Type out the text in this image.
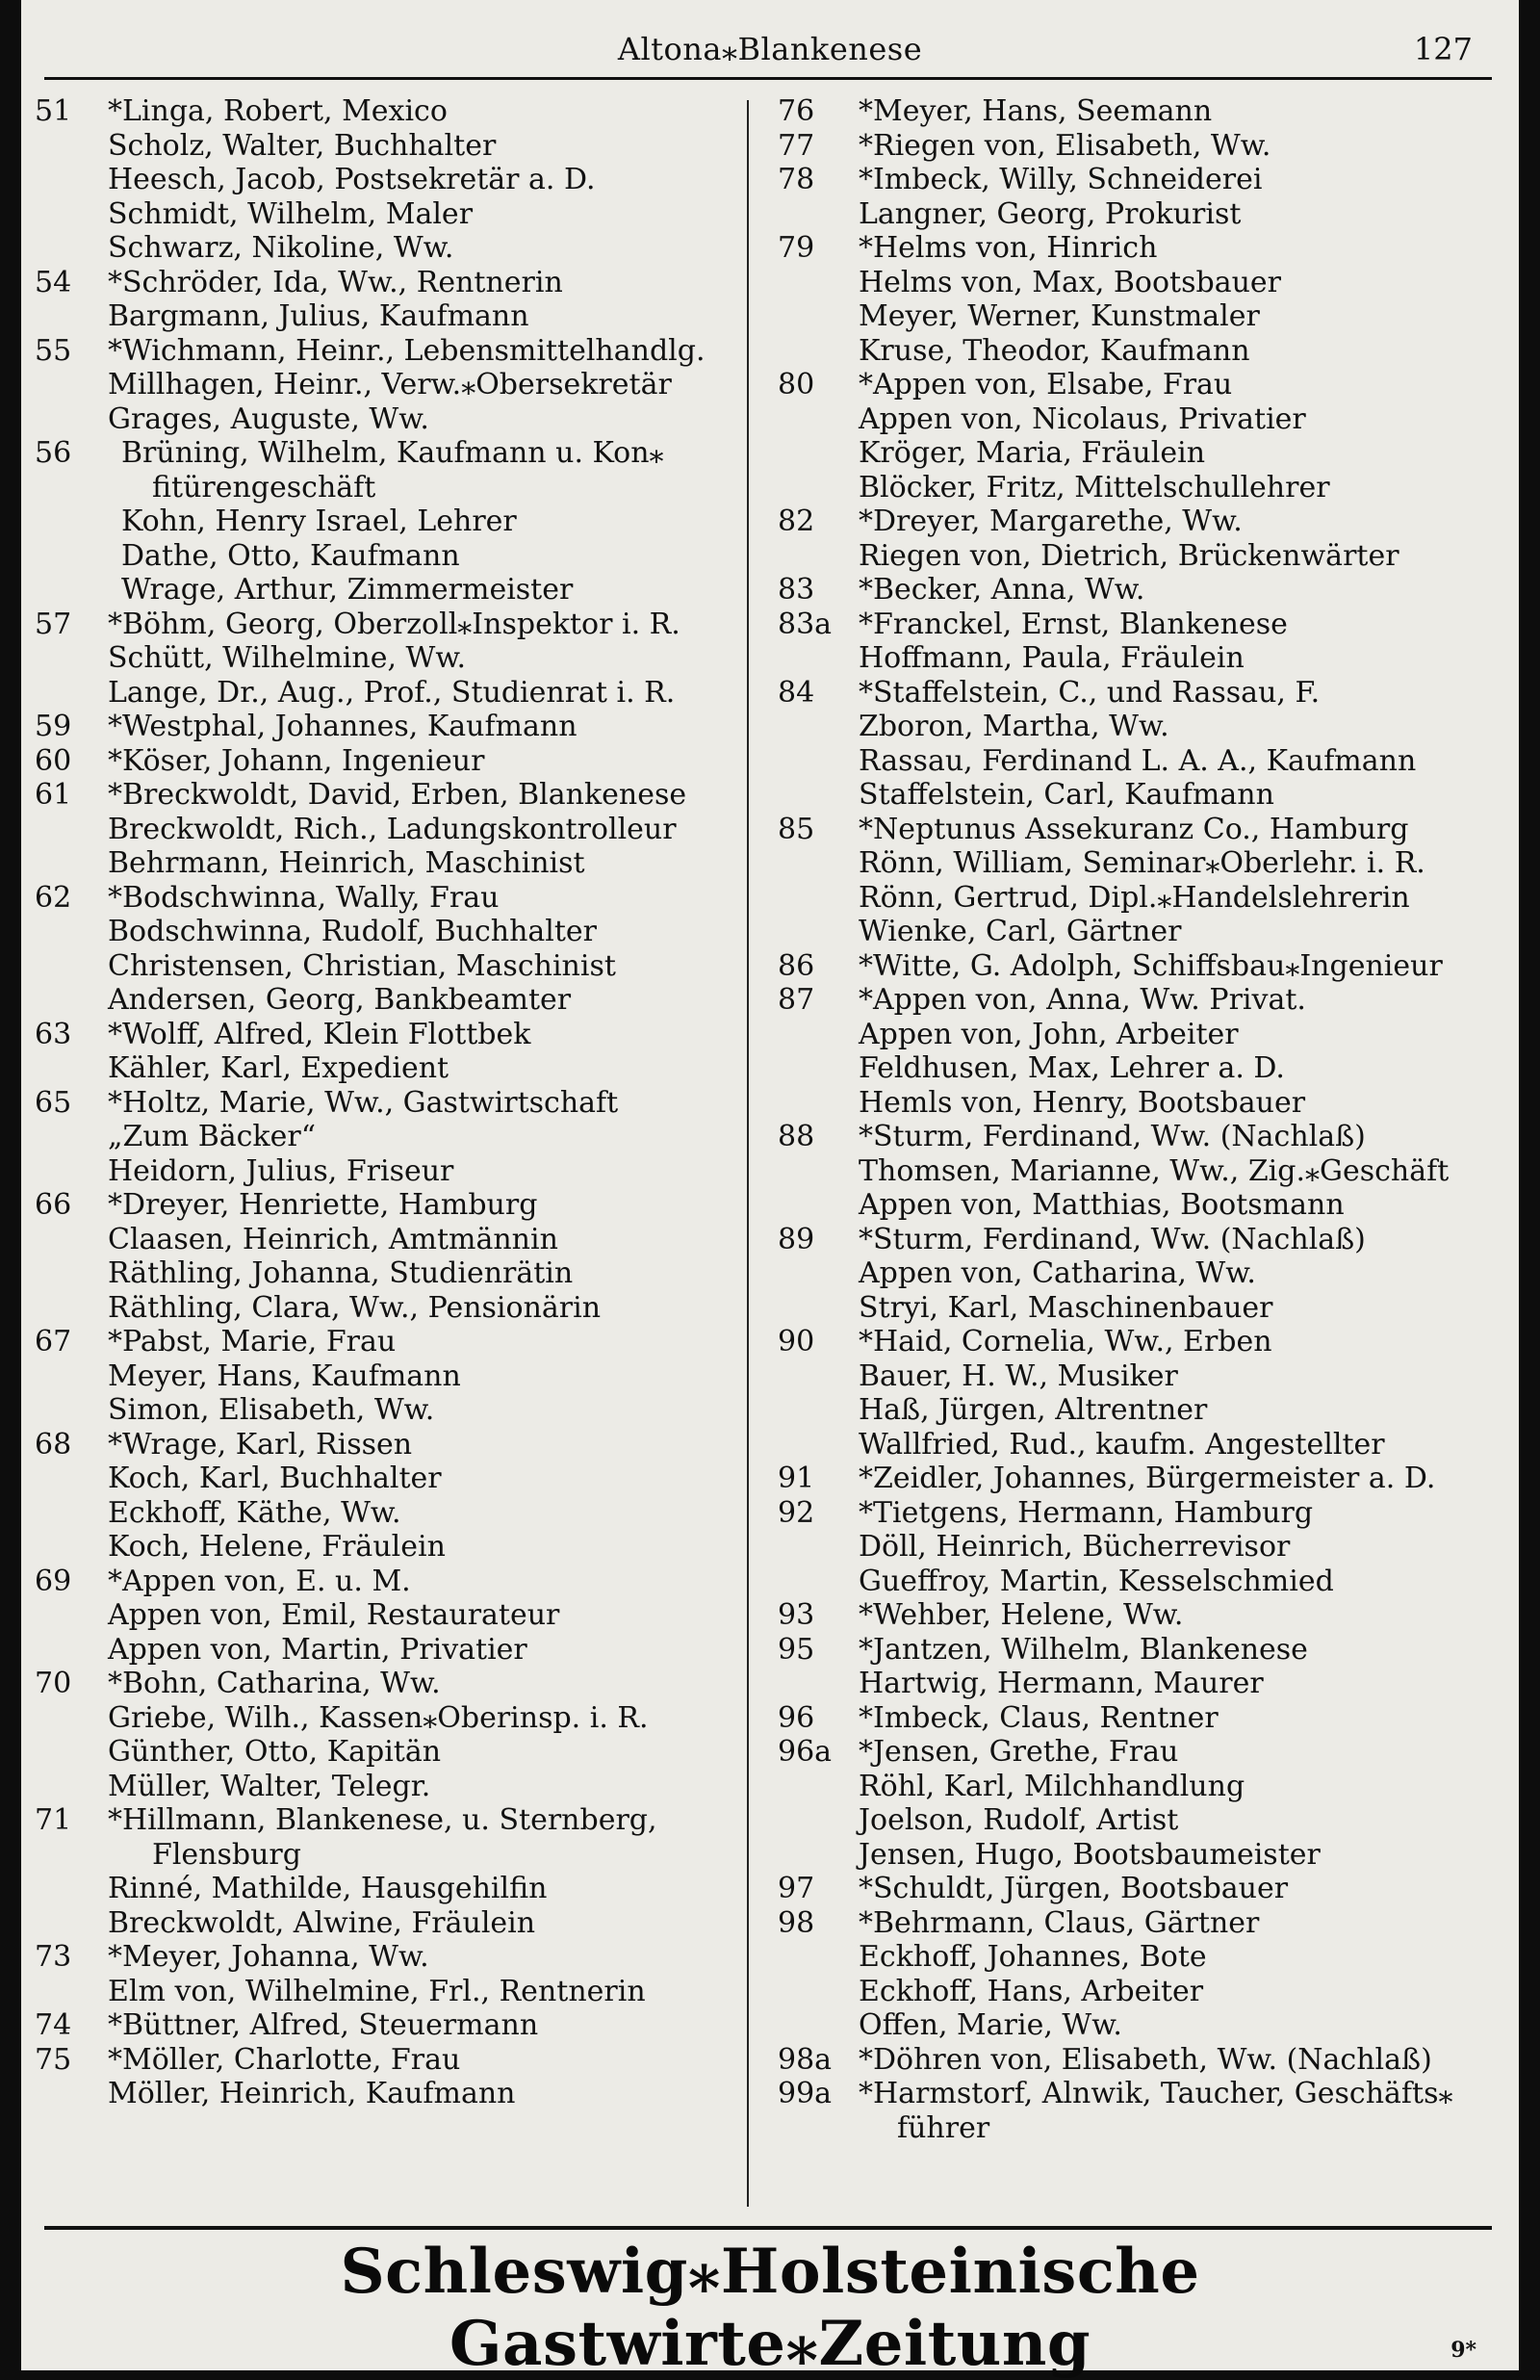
Altona⁎Blankenese	127
51	*Linga, Robert, Mexico
Scholz, Walter, Buchhalter
Heesch, Jacob, Postsekretär a. D.
Schmidt, Wilhelm, Maler
Schwarz, Nikoline, Ww.
54	*Schröder, Ida, Ww., Rentnerin
Bargmann, Julius, Kaufmann
55	*Wichmann, Heinr., Lebensmittelhandlg.
Millhagen, Heinr., Verw.⁎Obersekretär
Grages, Auguste, Ww.
56	Brüning, Wilhelm, Kaufmann u. Kon⁎
fitürengeschäft
Kohn, Henry Israel, Lehrer
Dathe, Otto, Kaufmann
Wrage, Arthur, Zimmermeister
57	*Böhm, Georg, Oberzoll⁎Inspektor i. R.
Schütt, Wilhelmine, Ww.
Lange, Dr., Aug., Prof., Studienrat i. R.
59	*Westphal, Johannes, Kaufmann
60	*Köser, Johann, Ingenieur
61	*Breckwoldt, David, Erben, Blankenese
Breckwoldt, Rich., Ladungskontrolleur
Behrmann, Heinrich, Maschinist
62	*Bodschwinna, Wally, Frau
Bodschwinna, Rudolf, Buchhalter
Christensen, Christian, Maschinist
Andersen, Georg, Bankbeamter
63	*Wolff, Alfred, Klein Flottbek
Kähler, Karl, Expedient
65	*Holtz, Marie, Ww., Gastwirtschaft
„Zum Bäcker“
Heidorn, Julius, Friseur
66	*Dreyer, Henriette, Hamburg
Claasen, Heinrich, Amtmännin
Räthling, Johanna, Studienrätin
Räthling, Clara, Ww., Pensionärin
67	*Pabst, Marie, Frau
Meyer, Hans, Kaufmann
Simon, Elisabeth, Ww.
68	*Wrage, Karl, Rissen
Koch, Karl, Buchhalter
Eckhoff, Käthe, Ww.
Koch, Helene, Fräulein
69	*Appen von, E. u. M.
Appen von, Emil, Restaurateur
Appen von, Martin, Privatier
70	*Bohn, Catharina, Ww.
Griebe, Wilh., Kassen⁎Oberinsp. i. R.
Günther, Otto, Kapitän
Müller, Walter, Telegr.
71	*Hillmann, Blankenese, u. Sternberg,
Flensburg
Rinné, Mathilde, Hausgehilfin
Breckwoldt, Alwine, Fräulein
73	*Meyer, Johanna, Ww.
Elm von, Wilhelmine, Frl., Rentnerin
74	*Büttner, Alfred, Steuermann
75	*Möller, Charlotte, Frau
Möller, Heinrich, Kaufmann
76	*Meyer, Hans, Seemann
77	*Riegen von, Elisabeth, Ww.
78	*Imbeck, Willy, Schneiderei
Langner, Georg, Prokurist
79	*Helms von, Hinrich
Helms von, Max, Bootsbauer
Meyer, Werner, Kunstmaler
Kruse, Theodor, Kaufmann
80	*Appen von, Elsabe, Frau
Appen von, Nicolaus, Privatier
Kröger, Maria, Fräulein
Blöcker, Fritz, Mittelschullehrer
82	*Dreyer, Margarethe, Ww.
Riegen von, Dietrich, Brückenwärter
83	*Becker, Anna, Ww.
83a *Franckel, Ernst, Blankenese
Hoffmann, Paula, Fräulein
84	*Staffelstein, C., und Rassau, F.
Zboron, Martha, Ww.
Rassau, Ferdinand L. A. A., Kaufmann
Staffelstein, Carl, Kaufmann
85	*Neptunus Assekuranz Co., Hamburg
Rönn, William, Seminar⁎Oberlehr. i. R.
Rönn, Gertrud, Dipl.⁎Handelslehrerin
Wienke, Carl, Gärtner
86	*Witte, G. Adolph, Schiffsbau⁎Ingenieur
87	*Appen von, Anna, Ww. Privat.
Appen von, John, Arbeiter
Feldhusen, Max, Lehrer a. D.
Hemls von, Henry, Bootsbauer
88	*Sturm, Ferdinand, Ww. (Nachlaß)
Thomsen, Marianne, Ww., Zig.⁎Geschäft
Appen von, Matthias, Bootsmann
89	*Sturm, Ferdinand, Ww. (Nachlaß)
Appen von, Catharina, Ww.
Stryi, Karl, Maschinenbauer
90	*Haid, Cornelia, Ww., Erben
Bauer, H. W., Musiker
Haß, Jürgen, Altrentner
Wallfried, Rud., kaufm. Angestellter
91	*Zeidler, Johannes, Bürgermeister a. D.
92	*Tietgens, Hermann, Hamburg
Döll, Heinrich, Bücherrevisor
Gueffroy, Martin, Kesselschmied
93	*Wehber, Helene, Ww.
95	*Jantzen, Wilhelm, Blankenese
Hartwig, Hermann, Maurer
96	*Imbeck, Claus, Rentner
96a *Jensen, Grethe, Frau
Röhl, Karl, Milchhandlung
Joelson, Rudolf, Artist
Jensen, Hugo, Bootsbaumeister
97	*Schuldt, Jürgen, Bootsbauer
98	*Behrmann, Claus, Gärtner
Eckhoff, Johannes, Bote
Eckhoff, Hans, Arbeiter
Offen, Marie, Ww.
98a *Döhren von, Elisabeth, Ww. (Nachlaß)
99a *Harmstorf, Alnwik, Taucher, Geschäfts⁎
führer
Schleswig⁎Holsteinische Gastwirte⁎Zeitung	9*
